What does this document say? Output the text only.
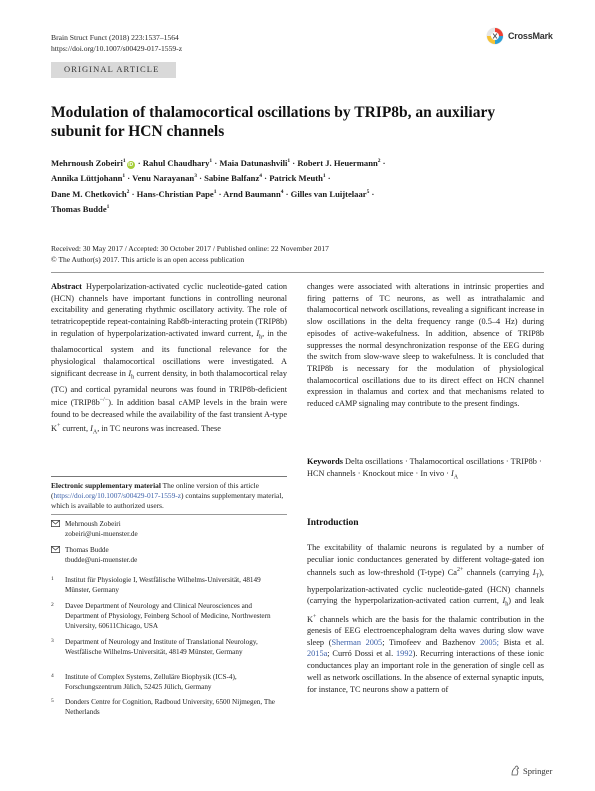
Brain Struct Funct (2018) 223:1537–1564
https://doi.org/10.1007/s00429-017-1559-z
CrossMark
ORIGINAL ARTICLE
Modulation of thalamocortical oscillations by TRIP8b, an auxiliary subunit for HCN channels
Mehrnoush Zobeiri$^1$iD · Rahul Chaudhary$^1$ · Maia Datunashvili$^1$ · Robert J. Heuermann$^2$ ·
Annika Lüttjohann$^1$ · Venu Narayanan$^3$ · Sabine Balfanz$^4$ · Patrick Meuth$^1$ ·
Dane M. Chetkovich$^2$ · Hans-Christian Pape$^1$ · Arnd Baumann$^4$ · Gilles van Luijtelaar$^5$ ·
Thomas Budde$^1$
Received: 30 May 2017 / Accepted: 30 October 2017 / Published online: 22 November 2017
© The Author(s) 2017. This article is an open access publication
Abstract Hyperpolarization-activated cyclic nucleotide-gated cation (HCN) channels have important functions in controlling neuronal excitability and generating rhythmic oscillatory activity. The role of tetratricopeptide repeat-containing Rab8b-interacting protein (TRIP8b) in regulation of hyperpolarization-activated inward current, $I_h$, in the thalamocortical system and its functional relevance for the physiological thalamocortical oscillations were investigated. A significant decrease in $I_h$ current density, in both thalamocortical relay (TC) and cortical pyramidal neurons was found in TRIP8b-deficient mice (TRIP8b−/−). In addition basal cAMP levels in the brain were found to be decreased while the availability of the fast transient A-type K+ current, $I_A$, in TC neurons was increased. These
changes were associated with alterations in intrinsic properties and firing patterns of TC neurons, as well as intrathalamic and thalamocortical network oscillations, revealing a significant increase in slow oscillations in the delta frequency range (0.5–4 Hz) during episodes of active-wakefulness. In addition, absence of TRIP8b suppresses the normal desynchronization response of the EEG during the switch from slow-wave sleep to wakefulness. It is concluded that TRIP8b is necessary for the modulation of physiological thalamocortical oscillations due to its direct effect on HCN channel expression in thalamus and cortex and that mechanisms related to reduced cAMP signaling may contribute to the present findings.
Keywords Delta oscillations · Thalamocortical oscillations · TRIP8b · HCN channels · Knockout mice · In vivo · $I_A$
Electronic supplementary material The online version of this article (https://doi.org/10.1007/s00429-017-1559-z) contains supplementary material, which is available to authorized users.
Mehrnoush Zobeiri
zobeiri@uni-muenster.de
Thomas Budde
tbudde@uni-muenster.de
1 Institut für Physiologie I, Westfälische Wilhelms-Universität, 48149 Münster, Germany
2 Davee Department of Neurology and Clinical Neurosciences and Department of Physiology, Feinberg School of Medicine, Northwestern University, 60611Chicago, USA
3 Department of Neurology and Institute of Translational Neurology, Westfälische Wilhelms-Universität, 48149 Münster, Germany
4 Institute of Complex Systems, Zelluläre Biophysik (ICS-4), Forschungszentrum Jülich, 52425 Jülich, Germany
5 Donders Centre for Cognition, Radboud University, 6500 Nijmegen, The Netherlands
Introduction
The excitability of thalamic neurons is regulated by a number of peculiar ionic conductances generated by different voltage-gated ion channels such as low-threshold (T-type) $Ca^{2+}$ channels (carrying $I_T$), hyperpolarization-activated cyclic nucleotide-gated (HCN) channels (carrying the hyperpolarization-activated cation current, $I_h$) and leak K+ channels which are the basis for the thalamic contribution in the genesis of EEG electroencephalogram delta waves during slow wave sleep (Sherman 2005; Timofeev and Bazhenov 2005; Bista et al. 2015a; Curró Dossi et al. 1992). Recurring interactions of these ionic conductances play an important role in the generation of single cell as well as network oscillations. In the absence of external synaptic inputs, for instance, TC neurons show a pattern of
Springer
